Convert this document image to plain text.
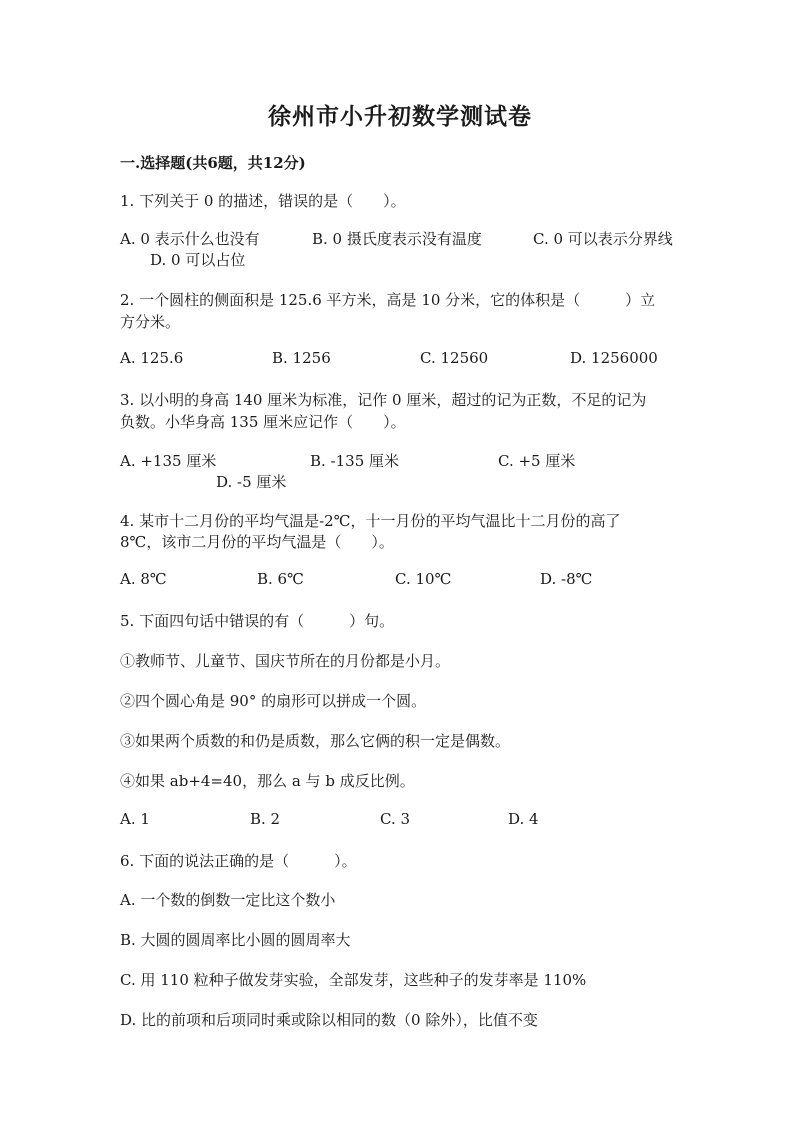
徐州市小升初数学测试卷
一.选择题(共6题，共12分)
1. 下列关于 0 的描述，错误的是（　　）。
A. 0 表示什么也没有	B. 0 摄氏度表示没有温度	C. 0 可以表示分界线
D. 0 可以占位
2. 一个圆柱的侧面积是 125.6 平方米，高是 10 分米，它的体积是（　　　）立
方分米。
A. 125.6	B. 1256	C. 12560	D. 1256000
3. 以小明的身高 140 厘米为标准，记作 0 厘米，超过的记为正数，不足的记为
负数。小华身高 135 厘米应记作（　　）。
A. +135 厘米	B. -135 厘米	C. +5 厘米
D. -5 厘米
4. 某市十二月份的平均气温是-2℃，十一月份的平均气温比十二月份的高了
8℃，该市二月份的平均气温是（　　）。
A. 8℃	B. 6℃	C. 10℃	D. -8℃
5. 下面四句话中错误的有（　　　）句。
①教师节、儿童节、国庆节所在的月份都是小月。
②四个圆心角是 90° 的扇形可以拼成一个圆。
③如果两个质数的和仍是质数，那么它俩的积一定是偶数。
④如果 ab+4=40，那么 a 与 b 成反比例。
A. 1	B. 2	C. 3	D. 4
6. 下面的说法正确的是（　　　）。
A. 一个数的倒数一定比这个数小
B. 大圆的圆周率比小圆的圆周率大
C. 用 110 粒种子做发芽实验，全部发芽，这些种子的发芽率是 110%
D. 比的前项和后项同时乘或除以相同的数（0 除外），比值不变
